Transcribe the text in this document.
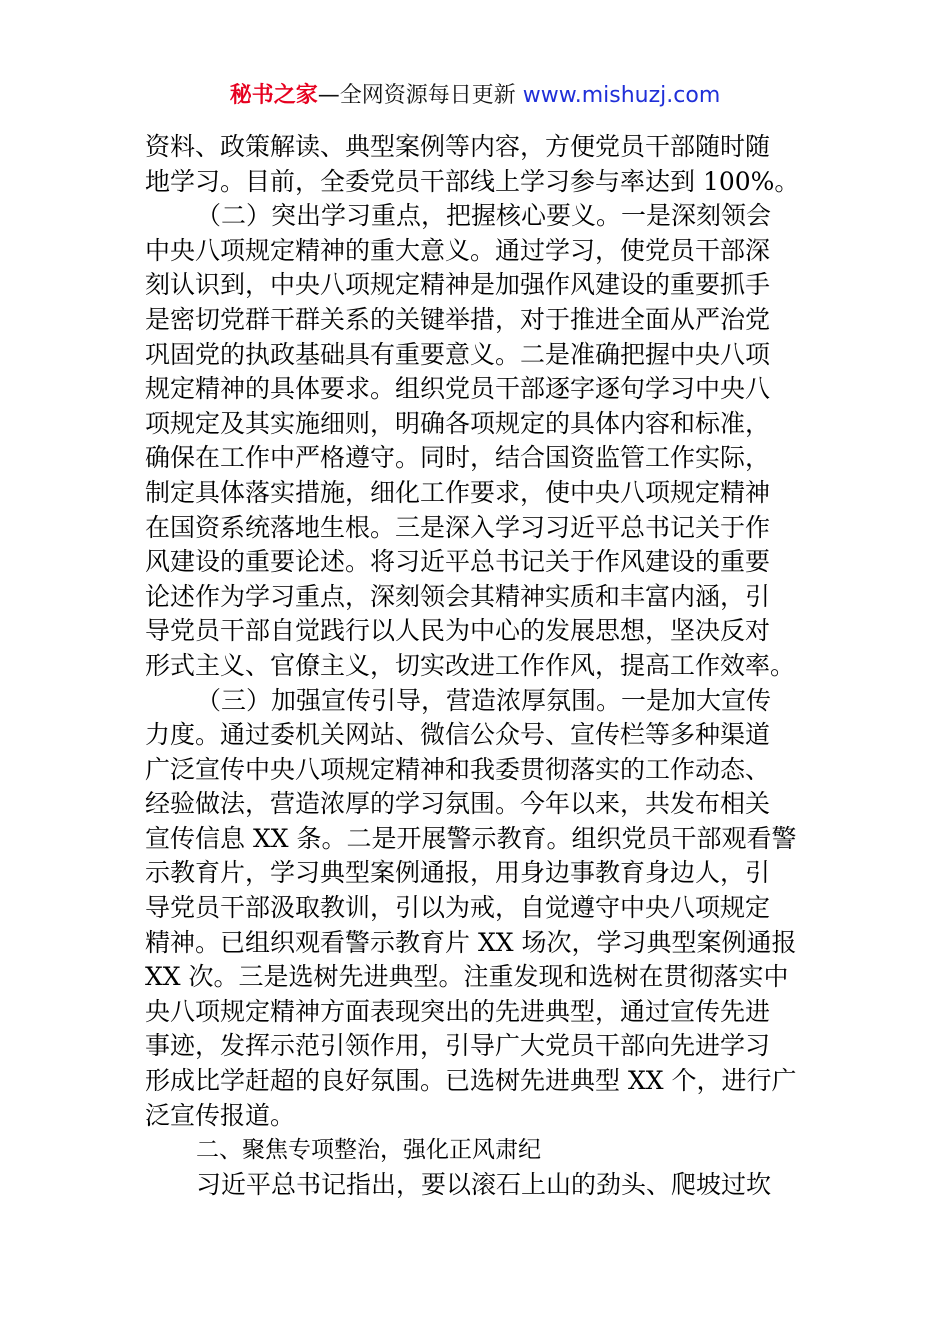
秘书之家—全网资源每日更新 www.mishuzj.com
资料、政策解读、典型案例等内容，方便党员干部随时随
地学习。目前，全委党员干部线上学习参与率达到 100%。
（二）突出学习重点，把握核心要义。一是深刻领会
中央八项规定精神的重大意义。通过学习，使党员干部深
刻认识到，中央八项规定精神是加强作风建设的重要抓手
是密切党群干群关系的关键举措，对于推进全面从严治党
巩固党的执政基础具有重要意义。二是准确把握中央八项
规定精神的具体要求。组织党员干部逐字逐句学习中央八
项规定及其实施细则，明确各项规定的具体内容和标准，
确保在工作中严格遵守。同时，结合国资监管工作实际，
制定具体落实措施，细化工作要求，使中央八项规定精神
在国资系统落地生根。三是深入学习习近平总书记关于作
风建设的重要论述。将习近平总书记关于作风建设的重要
论述作为学习重点，深刻领会其精神实质和丰富内涵，引
导党员干部自觉践行以人民为中心的发展思想，坚决反对
形式主义、官僚主义，切实改进工作作风，提高工作效率。
（三）加强宣传引导，营造浓厚氛围。一是加大宣传
力度。通过委机关网站、微信公众号、宣传栏等多种渠道
广泛宣传中央八项规定精神和我委贯彻落实的工作动态、
经验做法，营造浓厚的学习氛围。今年以来，共发布相关
宣传信息 XX 条。二是开展警示教育。组织党员干部观看警
示教育片，学习典型案例通报，用身边事教育身边人，引
导党员干部汲取教训，引以为戒，自觉遵守中央八项规定
精神。已组织观看警示教育片 XX 场次，学习典型案例通报
XX 次。三是选树先进典型。注重发现和选树在贯彻落实中
央八项规定精神方面表现突出的先进典型，通过宣传先进
事迹，发挥示范引领作用，引导广大党员干部向先进学习
形成比学赶超的良好氛围。已选树先进典型 XX 个，进行广
泛宣传报道。
二、聚焦专项整治，强化正风肃纪
习近平总书记指出，要以滚石上山的劲头、爬坡过坎
